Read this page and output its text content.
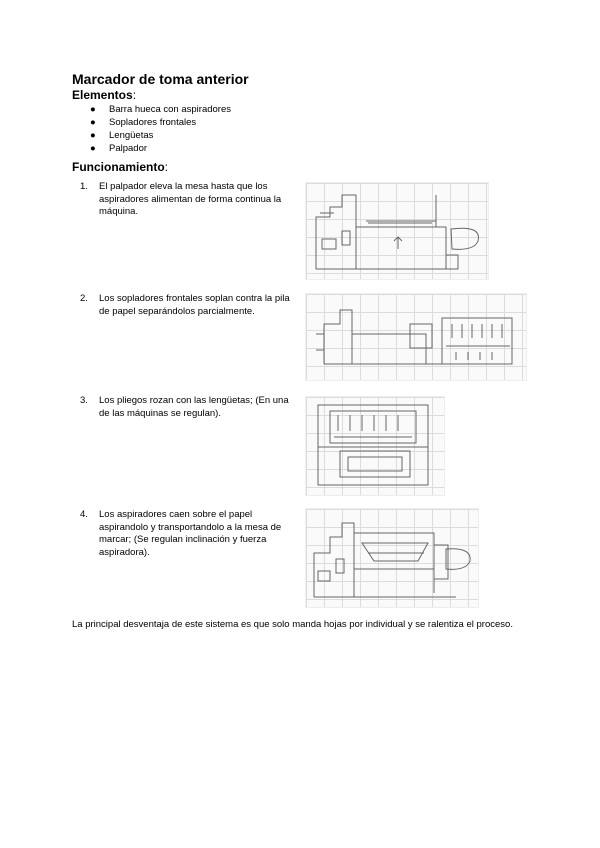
Marcador de toma anterior
Elementos:
● Barra hueca con aspiradores
● Sopladores frontales
● Lengüetas
● Palpador
Funcionamiento:
1. El palpador eleva la mesa hasta que los aspiradores alimentan de forma continua la máquina.
2. Los sopladores frontales soplan contra la pila de papel separándolos parcialmente.
3. Los pliegos rozan con las lengüetas; (En una de las máquinas se regulan).
4. Los aspiradores caen sobre el papel aspirandolo y transportandolo a la mesa de marcar; (Se regulan inclinación y fuerza aspiradora).
La principal desventaja de este sistema es que solo manda hojas por individual y se ralentiza el proceso.
